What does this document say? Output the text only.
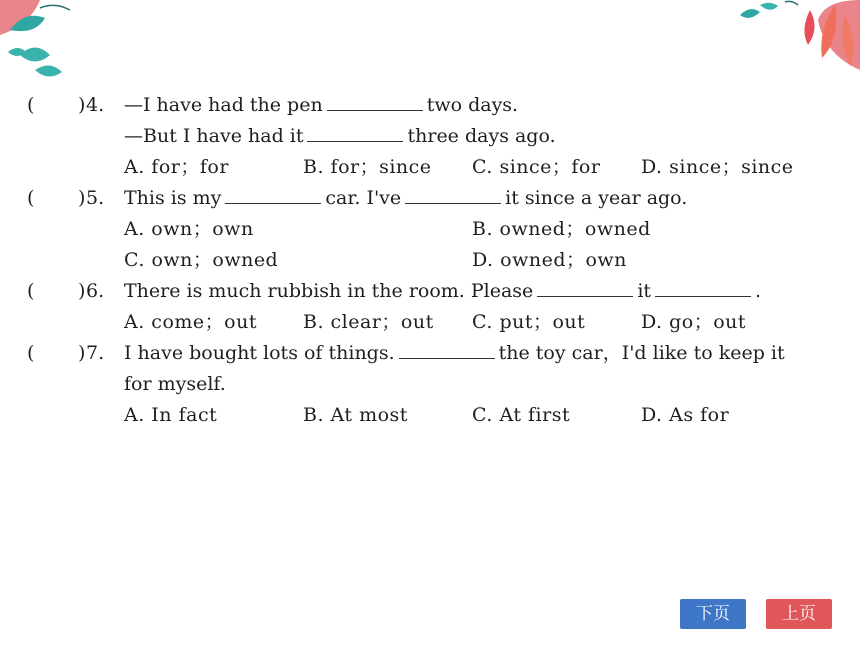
(	4. —I have had the pen	two days.
—But I have had it	three days ago.
A. for；for	B. for；since C. since；for D. since；since
)
(	5. This is my	car. I've	it since a year ago.
A. own；own	B. owned；owned
C. own；owned	D. owned；own
)
(	6. There is much rubbish in the room. Please	it	.
A. come；out B. clear；out C. put；out	D. go；out
)
(	7. I have bought lots of things.	the toy car，I'd like to keep it
for myself.
A. In fact	B. At most	C. At first	D. As for
)
下页	上页
